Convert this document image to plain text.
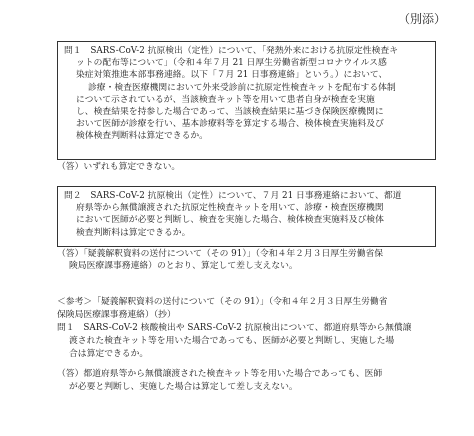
（別添）
問１　SARS-CoV-2 抗原検出（定性）について、「発熱外来における抗原定性検査キ
ットの配布等について」（令和４年７月 21 日厚生労働省新型コロナウイルス感
染症対策推進本部事務連絡。以下「７月 21 日事務連絡」という。）において、
診療・検査医療機関において外来受診前に抗原定性検査キットを配布する体制
について示されているが、当該検査キット等を用いて患者自身が検査を実施
し、検査結果を持参した場合であって、当該検査結果に基づき保険医療機関に
おいて医師が診療を行い、基本診療料等を算定する場合、検体検査実施料及び
検体検査判断料は算定できるか。
（答）いずれも算定できない。
問２　SARS-CoV-2 抗原検出（定性）について、７月 21 日事務連絡において、都道
府県等から無償譲渡された抗原定性検査キットを用いて、診療・検査医療機関
において医師が必要と判断し、検査を実施した場合、検体検査実施料及び検体
検査判断料は算定できるか。
（答）「疑義解釈資料の送付について（その 91）」（令和４年２月３日厚生労働省保
険局医療課事務連絡）のとおり、算定して差し支えない。
＜参考＞「疑義解釈資料の送付について（その 91）」（令和４年２月３日厚生労働省
保険局医療課事務連絡）（抄）
問１　SARS-CoV-2 核酸検出や SARS-CoV-2 抗原検出について、都道府県等から無償譲
渡された検査キット等を用いた場合であっても、医師が必要と判断し、実施した場
合は算定できるか。
（答）都道府県等から無償譲渡された検査キット等を用いた場合であっても、医師
が必要と判断し、実施した場合は算定して差し支えない。
